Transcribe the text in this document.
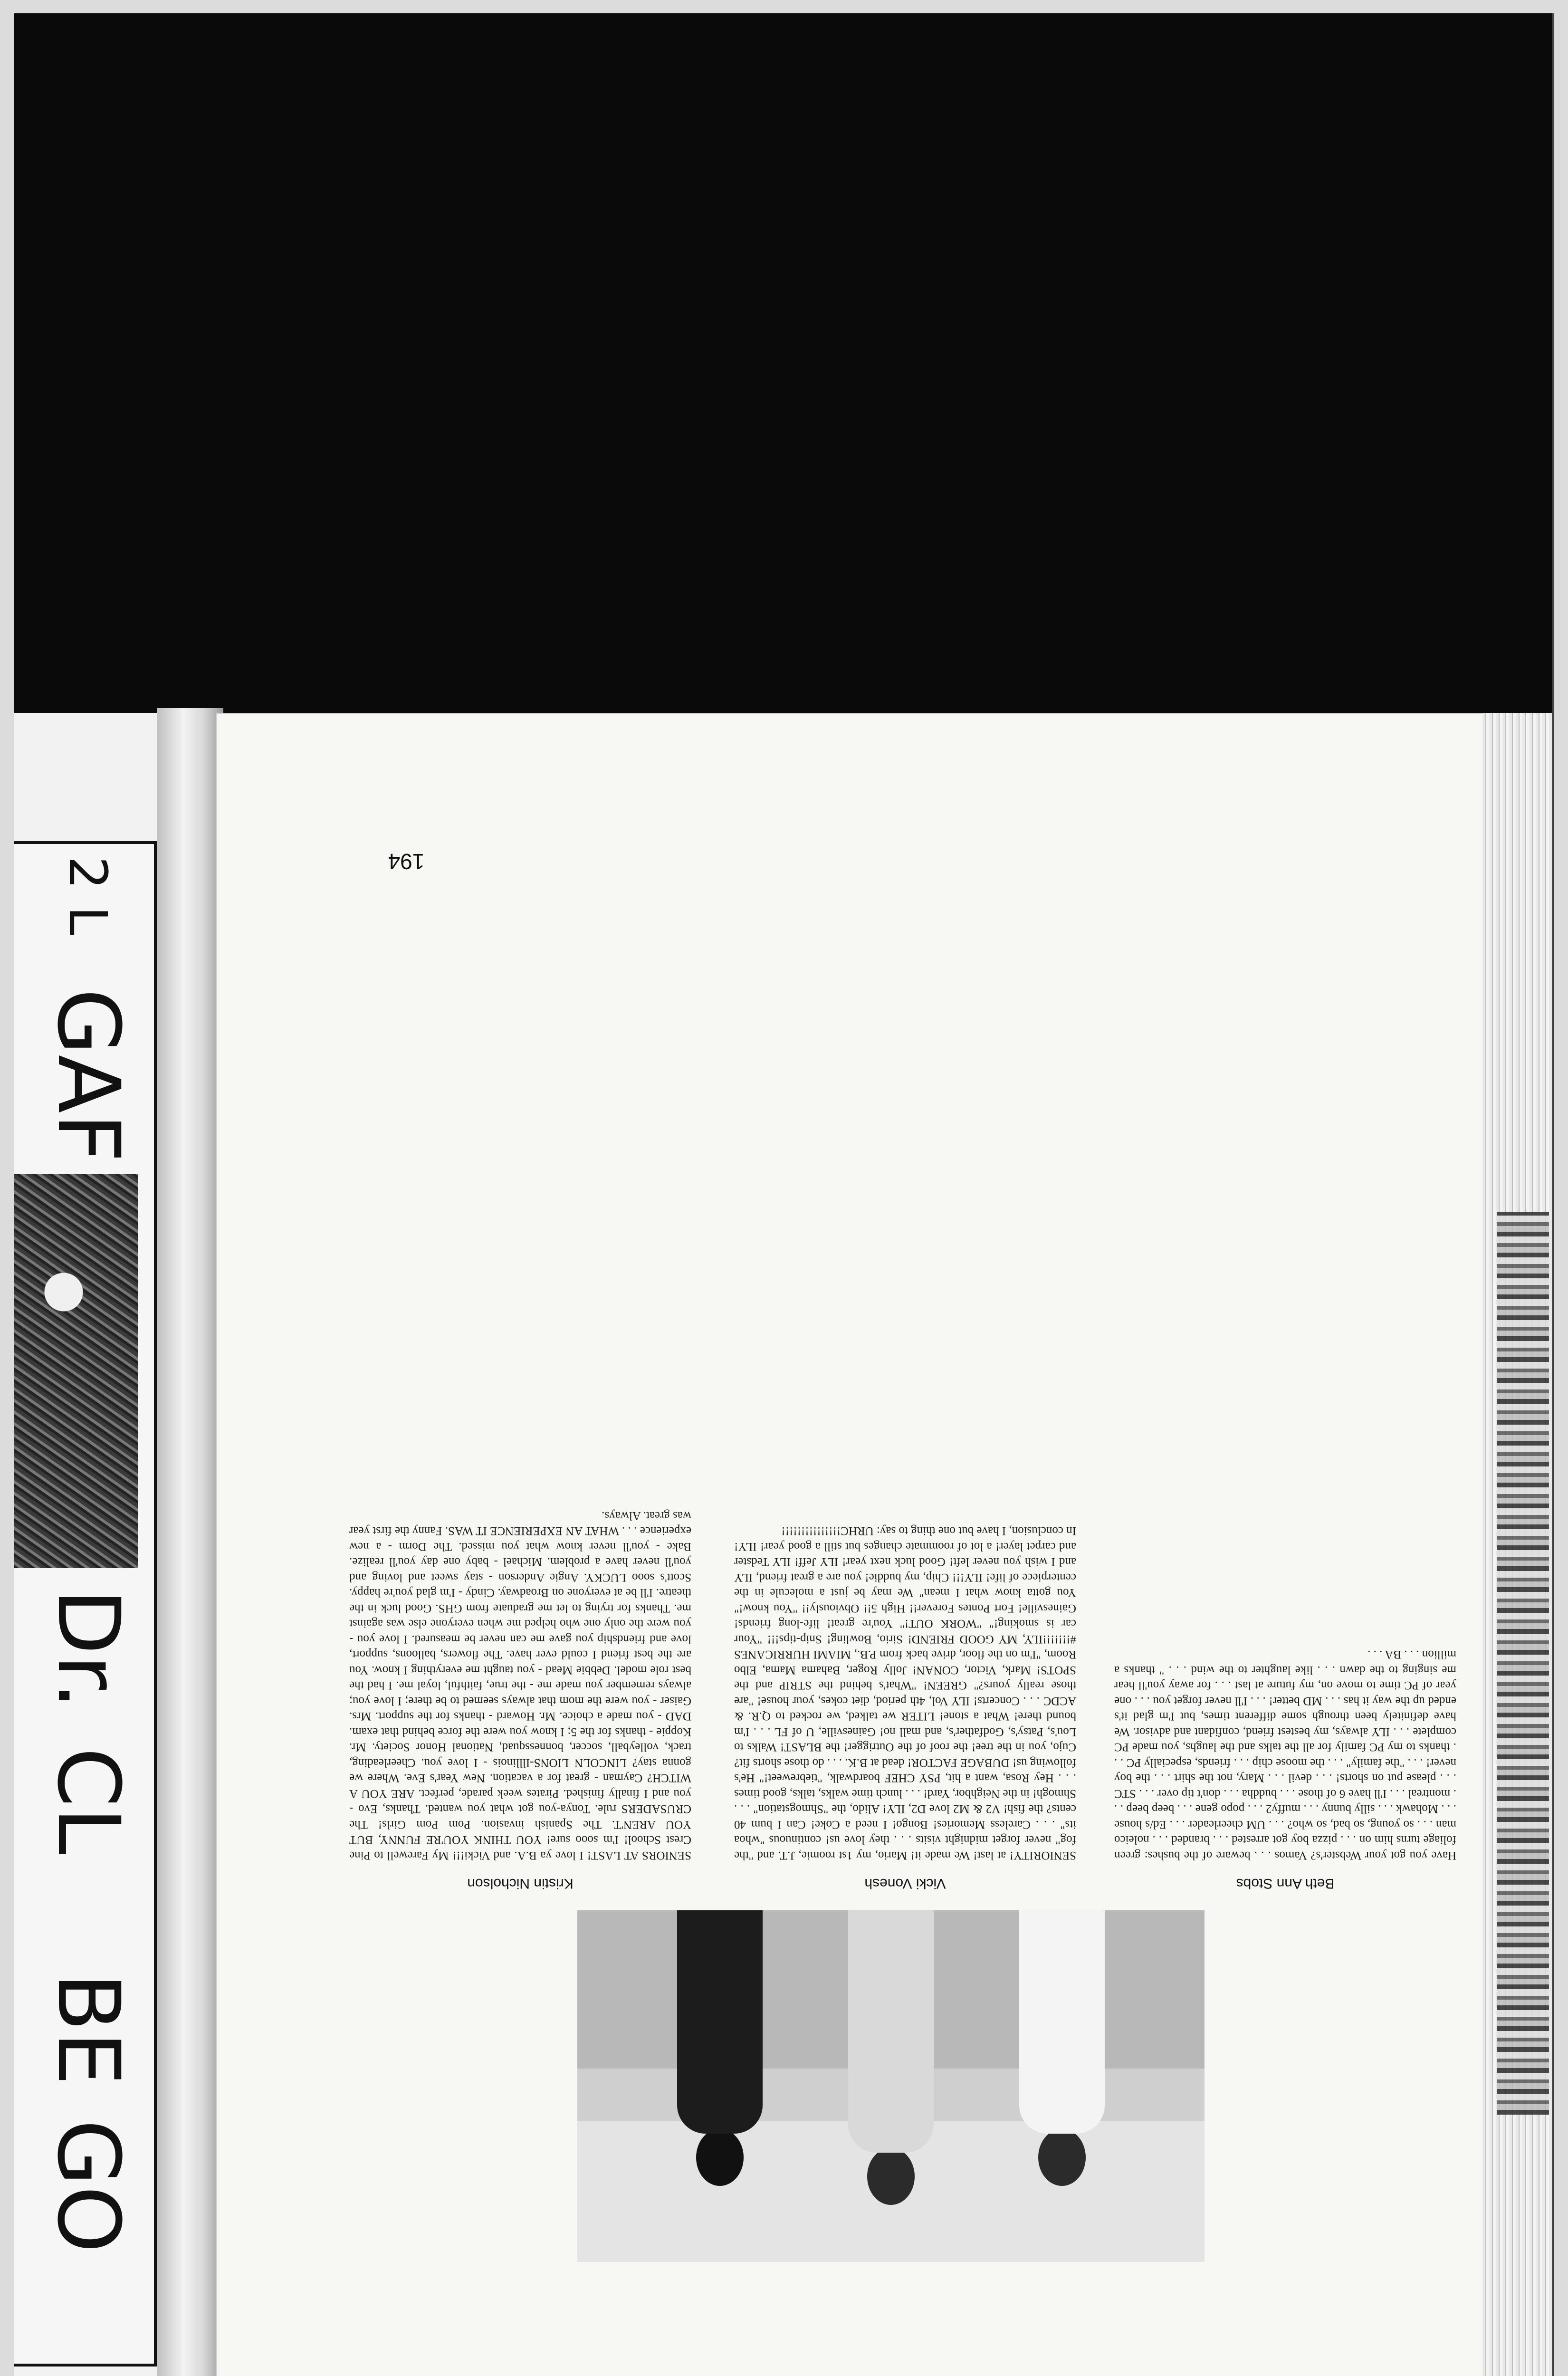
GO
BE
CL
Dr.
GAF
2 L
Beth Ann Stobs
Vicki Vonesh
Kristin Nicholson
Have you got your Webster's? Vamos . . . beware of the bushes: green foliage turns him on . . . pizza boy got arrested . . . branded . . . noleico man . . . so young, so bad, so who? . . . UM cheerleader . . . Ed/s house . . . Mohawk . . . silly bunny . . . muffy2 . . . popo gene . . . beep beep . . . montreal . . . I'll have 6 of those . . . buddha . . . don't tip over . . . STC . . . please put on shorts! . . . devil . . . Mary, not the shirt . . . the boy never! . . . "the family" . . . the moose chip . . . friends, especially PC . . . thanks to my PC family for all the talks and the laughs, you made PC complete . . . ILY always, my bestest friend, confidant and advisor. We have definitely been through some different times, but I'm glad it's ended up the way it has . . . MD better! . . . I'll never forget you . . . one year of PC time to move on, my future at last . . . for away you'll hear me singing to the dawn . . . like laughter to the wind . . . " thanks a million . . . BA . . .
SENIORITY! at last! We made it! Mario, my 1st roomie, J.T. and "the fog" never forget midnight visits . . . they love us! continuous "whoa its" . . . Careless Memories! Bongo! I need a Coke! Can I bum 40 cents? the fish! V2 & M2 love D2, ILY! Alido, the "Shmogstation" . . . Shmogh! in the Neighbor, Yard! . . . lunch time walks, talks, good times . . . Hey Rosa, want a hit, PSY CHEF boardwalk, "tiebreweet!" He's following us! DUBAGE FACTOR! dead at B.K. . . . do those shorts fit? Cujo, you in the tree! the roof of the Outrigger! the BLAST! Walks to Lou's, Patsy's, Godfather's, and mall no! Gainesville, U of FL . . . I'm bound there! What a stone! LITER we talked, we rocked to Q.R. & ACDC . . . Concerts! ILY Vol, 4th period, diet cokes, your house! "are those really yours?" GREEN! "What's behind the STRIP and the SPOTS! Mark, Victor, CONAN! Jolly Roger, Bahama Mama, Elbo Room, "I'm on the floor, drive back from P.B., MIAMI HURRICANES #!!!!!!!ILY, MY GOOD FRIEND! Sirio, Bowling! Snip-tips!!! "Your car is smoking!" "WORK OUT!" You're great! life-long friends! Gainesville! Fort Pontes Forever!! High 5!! Obviously!! "You know!" You gotta know what I mean" We may be just a molecule in the centerpiece of life! ILY!!! Chip, my buddie! you are a great friend, ILY and I wish you never left! Good luck next year! ILY Jeff! ILY Tedster and carpet layer! a lot of roommate changes but still a good year! ILY! In conclusion, I have but one thing to say: URHC!!!!!!!!!!!!!!!
SENIORS AT LAST! I love ya B.A. and Vicki!!! My Farewell to Pine Crest School! I'm sooo sure! YOU THINK YOU'RE FUNNY, BUT YOU AREN'T. The Spanish invasion. Pom Pom Girls! The CRUSADERS rule. Tonya-you got what you wanted. Thanks, Evo - you and I finally finished. Pirates week parade, perfect. ARE YOU A WITCH? Cayman - great for a vacation. New Year's Eve. Where we gonna stay? LINCOLN LIONS-Illlinois - I love you. Cheerleading, track, volleyball, soccer, bonnessquad, National Honor Society. Mr. Koppie - thanks for the 5; I know you were the force behind that exam. DAD - you made a choice. Mr. Howard - thanks for the support. Mrs. Gaiser - you were the mom that always seemed to be there; I love you; always remember you made me - the true, faithful, loyal me. I had the best role model. Debbie Mead - you taught me everything I know. You are the best friend I could ever have. The flowers, balloons, support, love and friendship you gave me can never be measured. I love you - you were the only one who helped me when everyone else was against me. Thanks for trying to let me graduate from GHS. Good luck in the theatre. I'll be at everyone on Broadway. Cindy - I'm glad you're happy. Scott's sooo LUCKY. Angie Anderson - stay sweet and loving and you'll never have a problem. Michael - baby one day you'll realize. Bake - you'll never know what you missed. The Dorm - a new experience . . . WHAT AN EXPERIENCE IT WAS. Fanny the first year was great. Always.
194
